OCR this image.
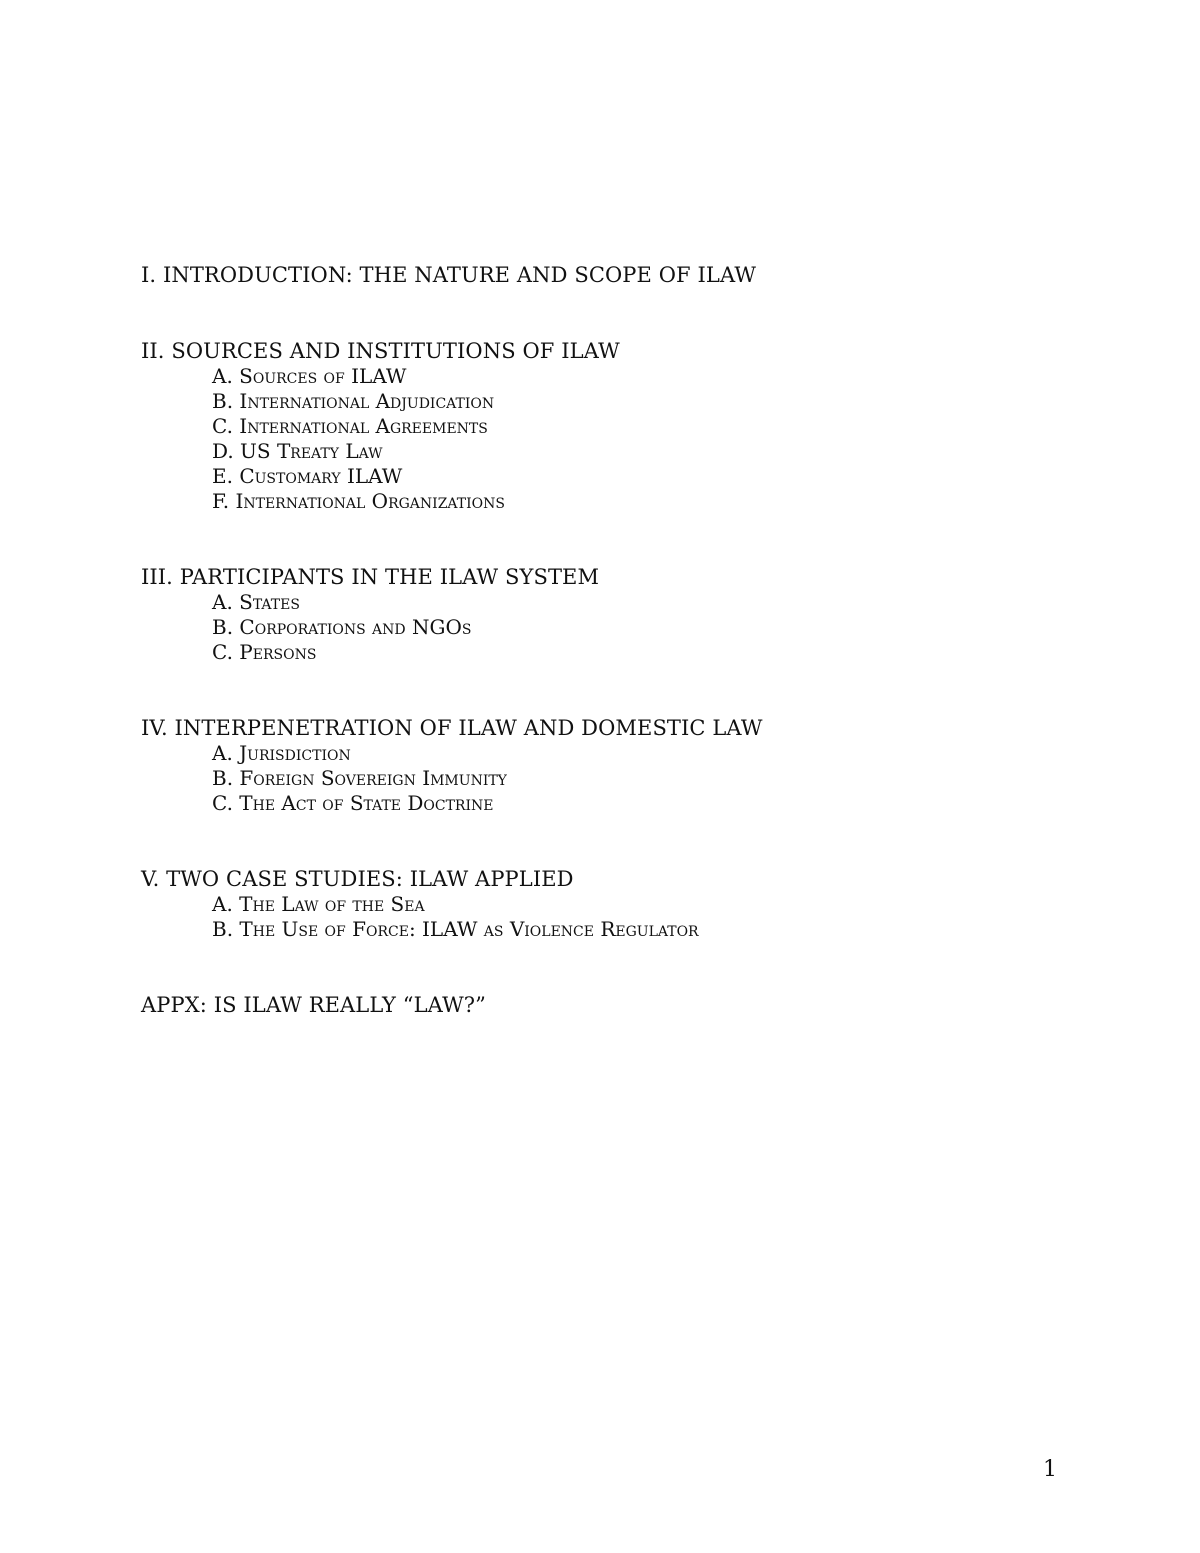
I. INTRODUCTION: THE NATURE AND SCOPE OF ILAW
II. SOURCES AND INSTITUTIONS OF ILAW
A. Sources of ILAW
B. International Adjudication
C. International Agreements
D. US Treaty Law
E. Customary ILAW
F. International Organizations
III. PARTICIPANTS IN THE ILAW SYSTEM
A. States
B. Corporations and NGOs
C. Persons
IV. INTERPENETRATION OF ILAW AND DOMESTIC LAW
A. Jurisdiction
B. Foreign Sovereign Immunity
C. The Act of State Doctrine
V. TWO CASE STUDIES: ILAW APPLIED
A. The Law of the Sea
B. The Use of Force: ILAW as Violence Regulator
APPX: IS ILAW REALLY “LAW?”
1
